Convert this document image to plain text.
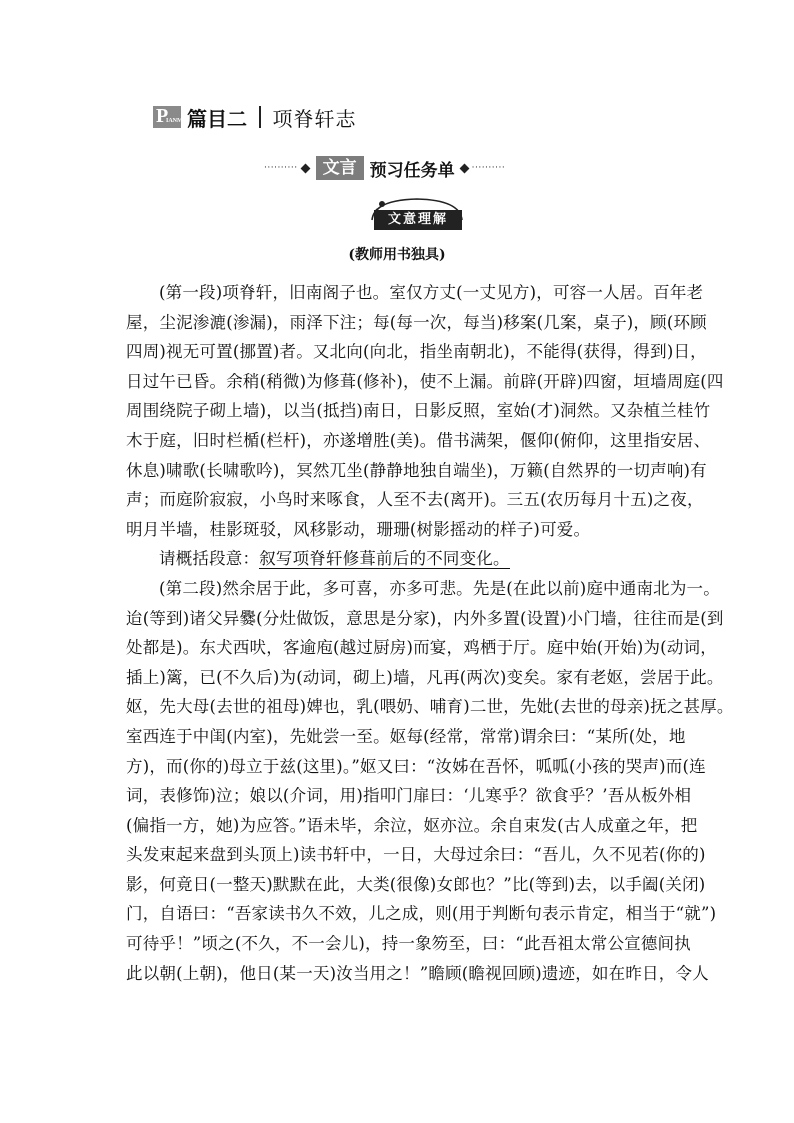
P
IANMU 篇目二 项脊轩志
··········	文言 预习任务单 ··········
文意理解
(教师用书独具)

(第一段)项脊轩，旧南阁子也。室仅方丈(一丈见方)，可容一人居。百年老
屋，尘泥渗漉(渗漏)，雨泽下注；每(每一次，每当)移案(几案，桌子)，顾(环顾
四周)视无可置(挪置)者。又北向(向北，指坐南朝北)，不能得(获得，得到)日，
日过午已昏。余稍(稍微)为修葺(修补)，使不上漏。前辟(开辟)四窗，垣墙周庭(四
周围绕院子砌上墙)，以当(抵挡)南日，日影反照，室始(才)洞然。又杂植兰桂竹
木于庭，旧时栏楯(栏杆)，亦遂增胜(美)。借书满架，偃仰(俯仰，这里指安居、
休息)啸歌(长啸歌吟)，冥然兀坐(静静地独自端坐)，万籁(自然界的一切声响)有
声；而庭阶寂寂，小鸟时来啄食，人至不去(离开)。三五(农历每月十五)之夜，
明月半墙，桂影斑驳，风移影动，珊珊(树影摇动的样子)可爱。

请概括段意：叙写项脊轩修葺前后的不同变化。

(第二段)然余居于此，多可喜，亦多可悲。先是(在此以前)庭中通南北为一。
迨(等到)诸父异爨(分灶做饭，意思是分家)，内外多置(设置)小门墙，往往而是(到
处都是)。东犬西吠，客逾庖(越过厨房)而宴，鸡栖于厅。庭中始(开始)为(动词，
插上)篱，已(不久后)为(动词，砌上)墙，凡再(两次)变矣。家有老妪，尝居于此。
妪，先大母(去世的祖母)婢也，乳(喂奶、哺育)二世，先妣(去世的母亲)抚之甚厚。
室西连于中闺(内室)，先妣尝一至。妪每(经常，常常)谓余曰：“某所(处，地
方)，而(你的)母立于兹(这里)。”妪又曰：“汝姊在吾怀，呱呱(小孩的哭声)而(连
词，表修饰)泣；娘以(介词，用)指叩门扉曰：‘儿寒乎？欲食乎？’吾从板外相
(偏指一方，她)为应答。”语未毕，余泣，妪亦泣。余自束发(古人成童之年，把
头发束起来盘到头顶上)读书轩中，一日，大母过余曰：“吾儿，久不见若(你的)
影，何竟日(一整天)默默在此，大类(很像)女郎也？”比(等到)去，以手阖(关闭)
门，自语曰：“吾家读书久不效，儿之成，则(用于判断句表示肯定，相当于“就”)
可待乎！”顷之(不久，不一会儿)，持一象笏至，曰：“此吾祖太常公宣德间执
此以朝(上朝)，他日(某一天)汝当用之！”瞻顾(瞻视回顾)遗迹，如在昨日，令人
